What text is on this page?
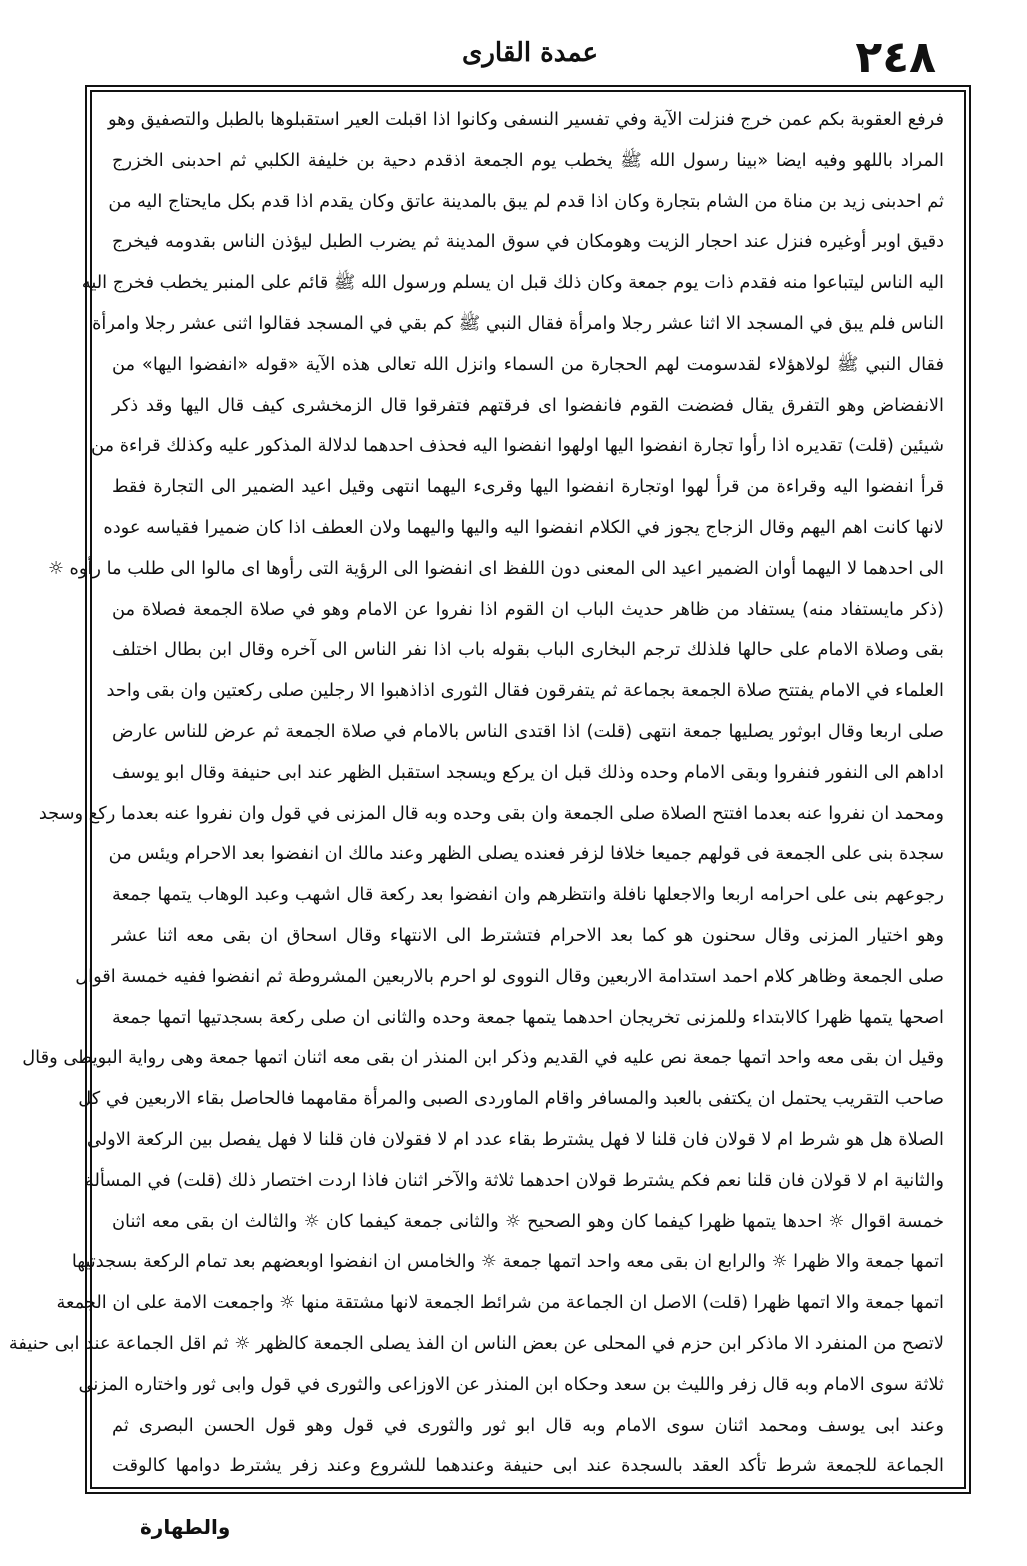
٢٤٨
عمدة القارى
فرفع العقوبة بكم عمن خرج فنزلت الآية وفي تفسير النسفى وكانوا اذا اقبلت العير استقبلوها بالطبل والتصفيق وهو
المراد باللهو وفيه ايضا «بينا رسول الله ﷺ يخطب يوم الجمعة اذقدم دحية بن خليفة الكلبي ثم احدبنى الخزرج
ثم احدبنى زيد بن مناة من الشام بتجارة وكان اذا قدم لم يبق بالمدينة عاتق وكان يقدم اذا قدم بكل مايحتاج اليه من
دقيق اوبر أوغيره فنزل عند احجار الزيت وهومكان في سوق المدينة ثم يضرب الطبل ليؤذن الناس بقدومه فيخرج
اليه الناس ليتباعوا منه فقدم ذات يوم جمعة وكان ذلك قبل ان يسلم ورسول الله ﷺ قائم على المنبر يخطب فخرج اليه
الناس فلم يبق في المسجد الا اثنا عشر رجلا وامرأة فقال النبي ﷺ كم بقي في المسجد فقالوا اثنى عشر رجلا وامرأة
فقال النبي ﷺ لولاهؤلاء لقدسومت لهم الحجارة من السماء وانزل الله تعالى هذه الآية «قوله «انفضوا اليها» من
الانفضاض وهو التفرق يقال فضضت القوم فانفضوا اى فرقتهم فتفرقوا قال الزمخشرى كيف قال اليها وقد ذكر
شيئين (قلت) تقديره اذا رأوا تجارة انفضوا اليها اولهوا انفضوا اليه فحذف احدهما لدلالة المذكور عليه وكذلك قراءة من
قرأ انفضوا اليه وقراءة من قرأ لهوا اوتجارة انفضوا اليها وقرىء اليهما انتهى وقيل اعيد الضمير الى التجارة فقط
لانها كانت اهم اليهم وقال الزجاج يجوز في الكلام انفضوا اليه واليها واليهما ولان العطف اذا كان ضميرا فقياسه عوده
الى احدهما لا اليهما أوان الضمير اعيد الى المعنى دون اللفظ اى انفضوا الى الرؤية التى رأوها اى مالوا الى طلب ما رأوه ☼
(ذكر مايستفاد منه) يستفاد من ظاهر حديث الباب ان القوم اذا نفروا عن الامام وهو في صلاة الجمعة فصلاة من
بقى وصلاة الامام على حالها فلذلك ترجم البخارى الباب بقوله باب اذا نفر الناس الى آخره وقال ابن بطال اختلف
العلماء في الامام يفتتح صلاة الجمعة بجماعة ثم يتفرقون فقال الثورى اذاذهبوا الا رجلين صلى ركعتين وان بقى واحد
صلى اربعا وقال ابوثور يصليها جمعة انتهى (قلت) اذا اقتدى الناس بالامام في صلاة الجمعة ثم عرض للناس عارض
اداهم الى النفور فنفروا وبقى الامام وحده وذلك قبل ان يركع ويسجد استقبل الظهر عند ابى حنيفة وقال ابو يوسف
ومحمد ان نفروا عنه بعدما افتتح الصلاة صلى الجمعة وان بقى وحده وبه قال المزنى في قول وان نفروا عنه بعدما ركع وسجد
سجدة بنى على الجمعة فى قولهم جميعا خلافا لزفر فعنده يصلى الظهر وعند مالك ان انفضوا بعد الاحرام ويئس من
رجوعهم بنى على احرامه اربعا والاجعلها نافلة وانتظرهم وان انفضوا بعد ركعة قال اشهب وعبد الوهاب يتمها جمعة
وهو اختيار المزنى وقال سحنون هو كما بعد الاحرام فتشترط الى الانتهاء وقال اسحاق ان بقى معه اثنا عشر
صلى الجمعة وظاهر كلام احمد استدامة الاربعين وقال النووى لو احرم بالاربعين المشروطة ثم انفضوا ففيه خمسة اقوال
اصحها يتمها ظهرا كالابتداء وللمزنى تخريجان احدهما يتمها جمعة وحده والثانى ان صلى ركعة بسجدتيها اتمها جمعة
وقيل ان بقى معه واحد اتمها جمعة نص عليه في القديم وذكر ابن المنذر ان بقى معه اثنان اتمها جمعة وهى رواية البويطى وقال
صاحب التقريب يحتمل ان يكتفى بالعبد والمسافر واقام الماوردى الصبى والمرأة مقامهما فالحاصل بقاء الاربعين في كل
الصلاة هل هو شرط ام لا قولان فان قلنا لا فهل يشترط بقاء عدد ام لا فقولان فان قلنا لا فهل يفصل بين الركعة الاولى
والثانية ام لا قولان فان قلنا نعم فكم يشترط قولان احدهما ثلاثة والآخر اثنان فاذا اردت اختصار ذلك (قلت) في المسألة
خمسة اقوال ☼ احدها يتمها ظهرا كيفما كان وهو الصحيح ☼ والثانى جمعة كيفما كان ☼ والثالث ان بقى معه اثنان
اتمها جمعة والا ظهرا ☼ والرابع ان بقى معه واحد اتمها جمعة ☼ والخامس ان انفضوا اوبعضهم بعد تمام الركعة بسجدتيها
اتمها جمعة والا اتمها ظهرا (قلت) الاصل ان الجماعة من شرائط الجمعة لانها مشتقة منها ☼ واجمعت الامة على ان الجمعة
لاتصح من المنفرد الا ماذكر ابن حزم في المحلى عن بعض الناس ان الفذ يصلى الجمعة كالظهر ☼ ثم اقل الجماعة عند ابى حنيفة
ثلاثة سوى الامام وبه قال زفر والليث بن سعد وحكاه ابن المنذر عن الاوزاعى والثورى في قول وابى ثور واختاره المزنى
وعند ابى يوسف ومحمد اثنان سوى الامام وبه قال ابو ثور والثورى في قول وهو قول الحسن البصرى ثم
الجماعة للجمعة شرط تأكد العقد بالسجدة عند ابى حنيفة وعندهما للشروع وعند زفر يشترط دوامها كالوقت
والطهارة
